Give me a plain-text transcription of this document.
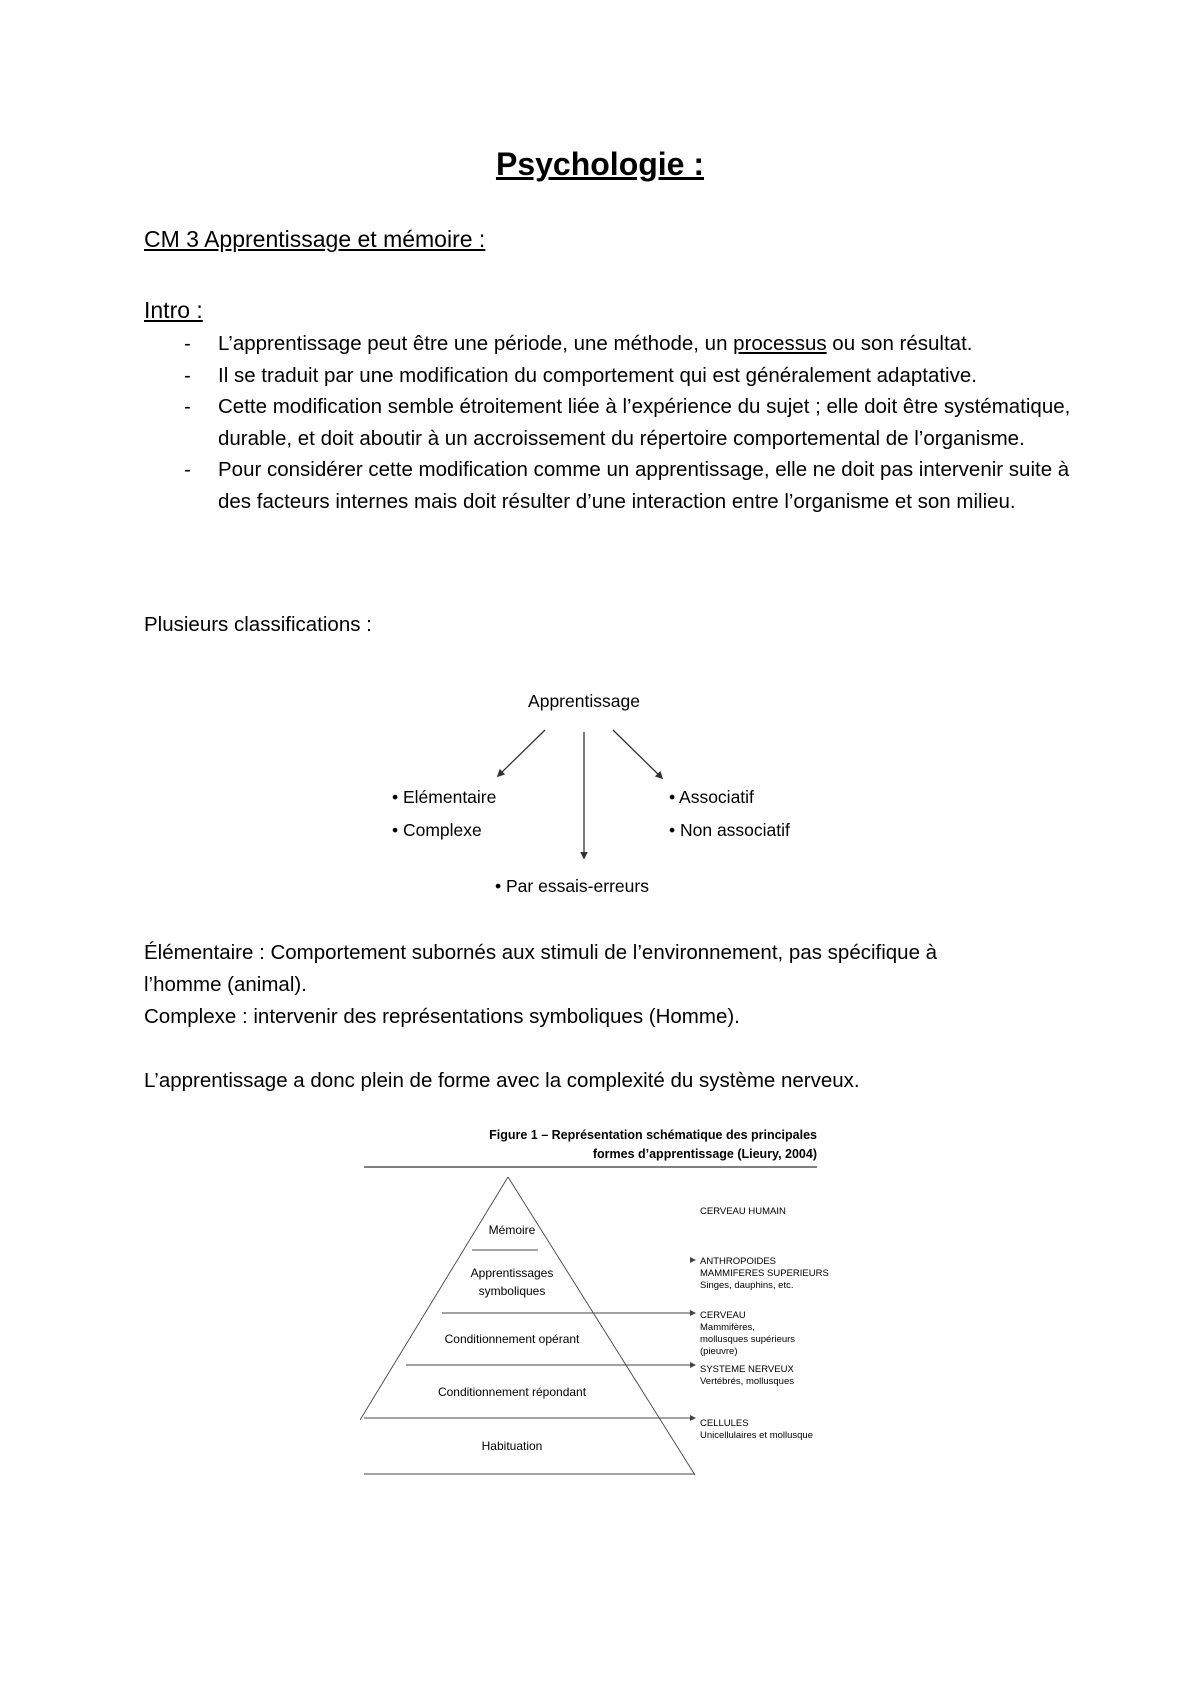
Psychologie :
CM 3 Apprentissage et mémoire :
Intro :
- L’apprentissage peut être une période, une méthode, un processus ou son résultat.
- Il se traduit par une modification du comportement qui est généralement adaptative.
- Cette modification semble étroitement liée à l’expérience du sujet ; elle doit être systématique, durable, et doit aboutir à un accroissement du répertoire comportemental de l’organisme.
- Pour considérer cette modification comme un apprentissage, elle ne doit pas intervenir suite à des facteurs internes mais doit résulter d’une interaction entre l’organisme et son milieu.
Plusieurs classifications :
Apprentissage
• Elémentaire
• Complexe
• Associatif
• Non associatif
• Par essais-erreurs
Élémentaire : Comportement subornés aux stimuli de l’environnement, pas spécifique à
l’homme (animal).
Complexe : intervenir des représentations symboliques (Homme).
L’apprentissage a donc plein de forme avec la complexité du système nerveux.
Figure 1 – Représentation schématique des principales
formes d’apprentissage (Lieury, 2004)
Mémoire
Apprentissages
symboliques
Conditionnement opérant
Conditionnement répondant
Habituation
CERVEAU HUMAIN
ANTHROPOIDES
MAMMIFERES SUPERIEURS
Singes, dauphins, etc.
CERVEAU
Mammifères,
mollusques supérieurs
(pieuvre)
SYSTEME NERVEUX
Vertébrés, mollusques
CELLULES
Unicellulaires et mollusque
